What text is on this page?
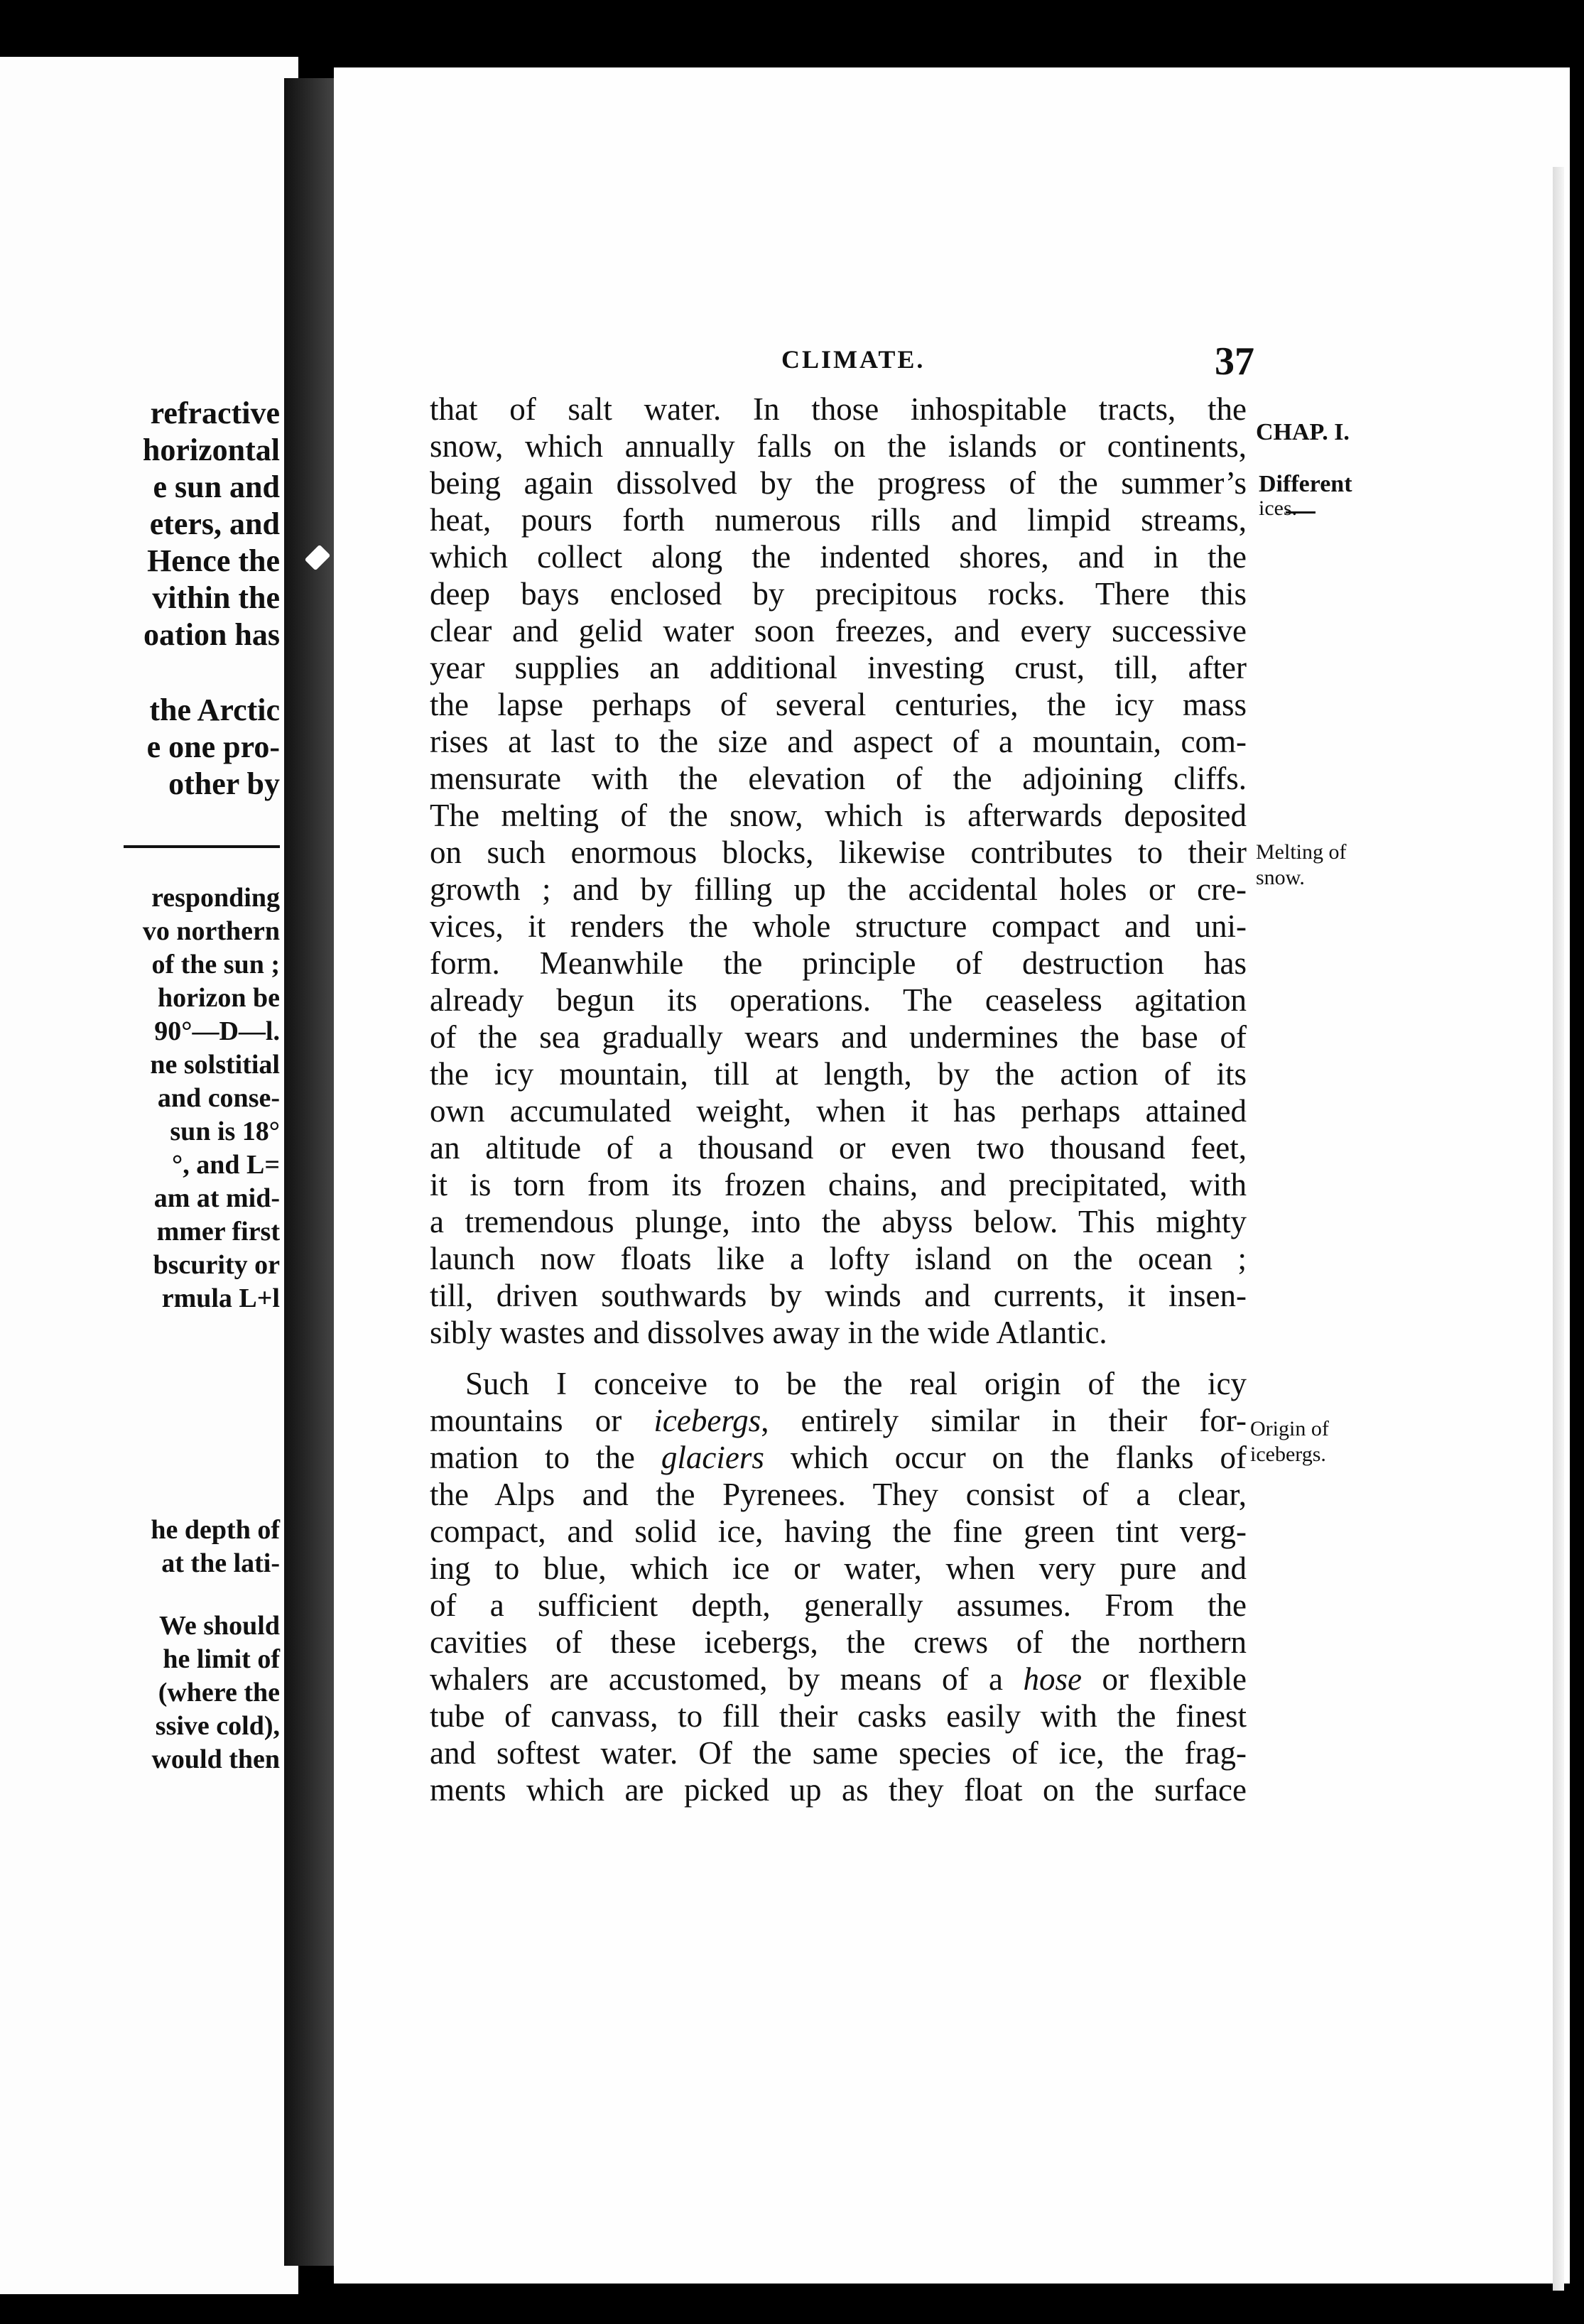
refractive
horizontal
e sun and
eters, and
Hence the
vithin the
oation has
the Arctic
e one pro-
other by
responding
vo northern
of the sun ;
horizon be
90°—D—l.
ne solstitial
and conse-
sun is 18°
°, and L=
am at mid-
mmer first
bscurity or
rmula L+l
he depth of
at the lati-
We should
he limit of
(where the
ssive cold),
would then
CLIMATE.	37
CHAP. I.
Different
ices.
Melting of
snow.
Origin of
icebergs.
that of salt water. In those inhospitable tracts, the
snow, which annually falls on the islands or continents,
being again dissolved by the progress of the summer’s
heat, pours forth numerous rills and limpid streams,
which collect along the indented shores, and in the
deep bays enclosed by precipitous rocks. There this
clear and gelid water soon freezes, and every successive
year supplies an additional investing crust, till, after
the lapse perhaps of several centuries, the icy mass
rises at last to the size and aspect of a mountain, com-
mensurate with the elevation of the adjoining cliffs.
The melting of the snow, which is afterwards deposited
on such enormous blocks, likewise contributes to their
growth ; and by filling up the accidental holes or cre-
vices, it renders the whole structure compact and uni-
form. Meanwhile the principle of destruction has
already begun its operations. The ceaseless agitation
of the sea gradually wears and undermines the base of
the icy mountain, till at length, by the action of its
own accumulated weight, when it has perhaps attained
an altitude of a thousand or even two thousand feet,
it is torn from its frozen chains, and precipitated, with
a tremendous plunge, into the abyss below. This mighty
launch now floats like a lofty island on the ocean ;
till, driven southwards by winds and currents, it insen-
sibly wastes and dissolves away in the wide Atlantic.
Such I conceive to be the real origin of the icy
mountains or icebergs, entirely similar in their for-
mation to the glaciers which occur on the flanks of
the Alps and the Pyrenees. They consist of a clear,
compact, and solid ice, having the fine green tint verg-
ing to blue, which ice or water, when very pure and
of a sufficient depth, generally assumes. From the
cavities of these icebergs, the crews of the northern
whalers are accustomed, by means of a hose or flexible
tube of canvass, to fill their casks easily with the finest
and softest water. Of the same species of ice, the frag-
ments which are picked up as they float on the surface
